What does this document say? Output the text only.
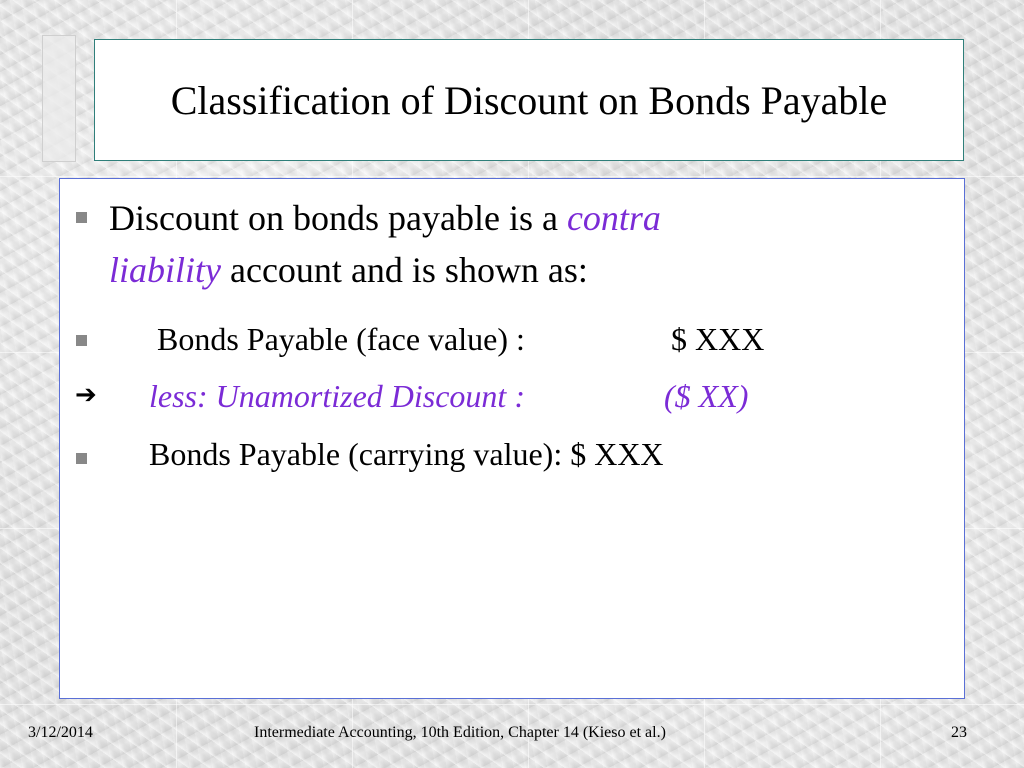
Classification of Discount on Bonds Payable
Discount on bonds payable is a contra
liability account and is shown as:
Bonds Payable (face value) :	$ XXX
➔ less: Unamortized Discount :	($ XX)
Bonds Payable (carrying value): $ XXX
3/12/2014	Intermediate Accounting, 10th Edition, Chapter 14 (Kieso et al.)	23
